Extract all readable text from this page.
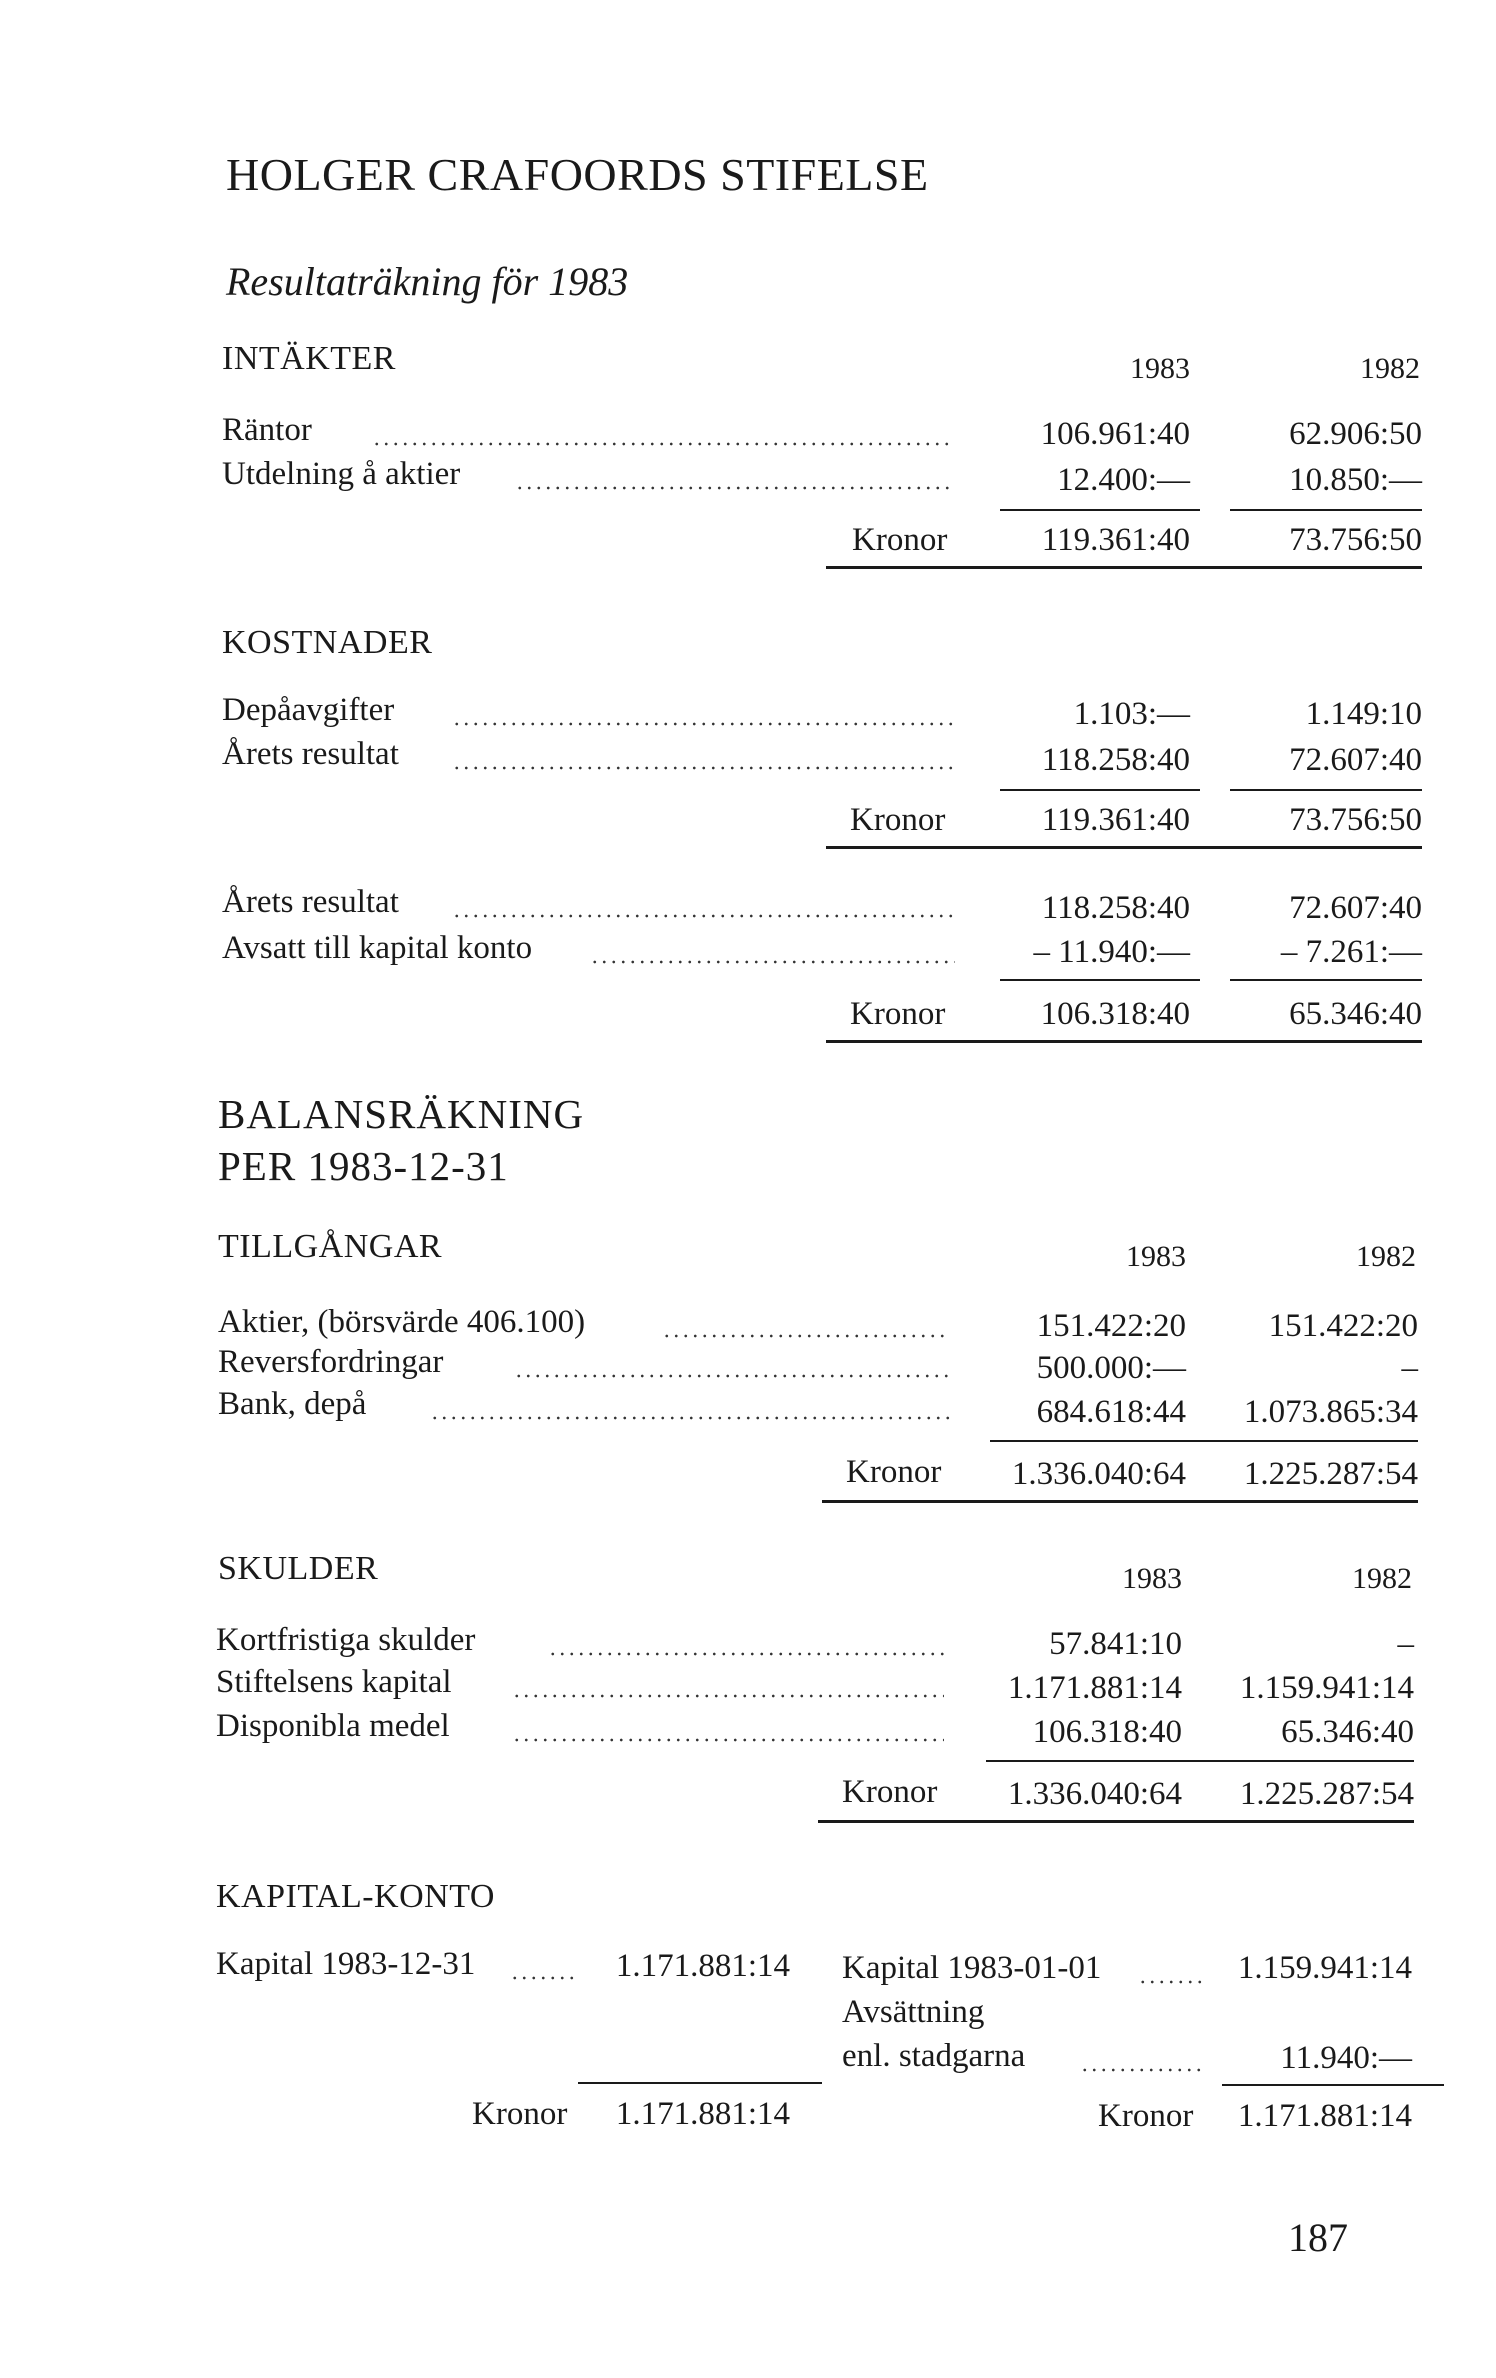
HOLGER CRAFOORDS STIFELSE
Resultaträkning för 1983
INTÄKTER	1983	1982
Räntor	106.961:40	62.906:50
Utdelning å aktier	12.400:—	10.850:—
Kronor	119.361:40	73.756:50
KOSTNADER
Depåavgifter	1.103:—	1.149:10
Årets resultat	118.258:40	72.607:40
Kronor	119.361:40	73.756:50
Årets resultat	118.258:40	72.607:40
Avsatt till kapital konto	– 11.940:—	– 7.261:—
Kronor	106.318:40	65.346:40
BALANSRÄKNING
PER 1983-12-31
TILLGÅNGAR	1983	1982
Aktier, (börsvärde 406.100)	151.422:20	151.422:20
Reversfordringar	500.000:—	–
Bank, depå	684.618:44	1.073.865:34
Kronor	1.336.040:64	1.225.287:54
SKULDER	1983	1982
Kortfristiga skulder	57.841:10	–
Stiftelsens kapital	1.171.881:14	1.159.941:14
Disponibla medel	106.318:40	65.346:40
Kronor	1.336.040:64	1.225.287:54
KAPITAL-KONTO
Kapital 1983-12-31	1.171.881:14 Kapital 1983-01-01	1.159.941:14
Avsättning
enl. stadgarna	11.940:—
Kronor	1.171.881:14	Kronor	1.171.881:14
187
